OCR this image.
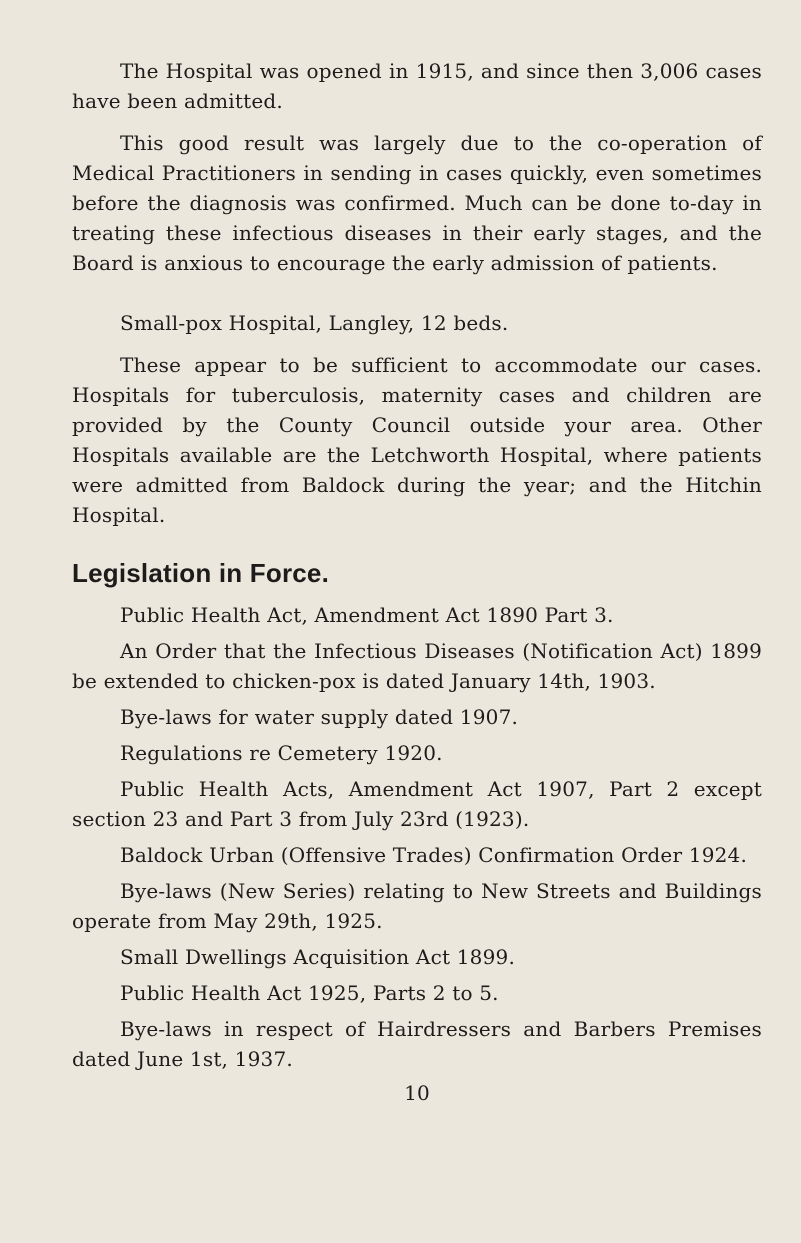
The Hospital was opened in 1915, and since then 3,006 cases have been admitted.

This good result was largely due to the co-operation of Medical Practitioners in sending in cases quickly, even sometimes before the diagnosis was confirmed. Much can be done to-day in treating these infectious diseases in their early stages, and the Board is anxious to encourage the early admission of patients.

Small-pox Hospital, Langley, 12 beds.

These appear to be sufficient to accommodate our cases. Hospitals for tuberculosis, maternity cases and children are provided by the County Council outside your area. Other Hospitals available are the Letchworth Hospital, where patients were admitted from Baldock during the year; and the Hitchin Hospital.

Legislation in Force.

Public Health Act, Amendment Act 1890 Part 3.

An Order that the Infectious Diseases (Notification Act) 1899 be extended to chicken-pox is dated January 14th, 1903.

Bye-laws for water supply dated 1907.

Regulations re Cemetery 1920.

Public Health Acts, Amendment Act 1907, Part 2 except section 23 and Part 3 from July 23rd (1923).

Baldock Urban (Offensive Trades) Confirmation Order 1924.

Bye-laws (New Series) relating to New Streets and Buildings operate from May 29th, 1925.

Small Dwellings Acquisition Act 1899.

Public Health Act 1925, Parts 2 to 5.

Bye-laws in respect of Hairdressers and Barbers Premises dated June 1st, 1937.

10
